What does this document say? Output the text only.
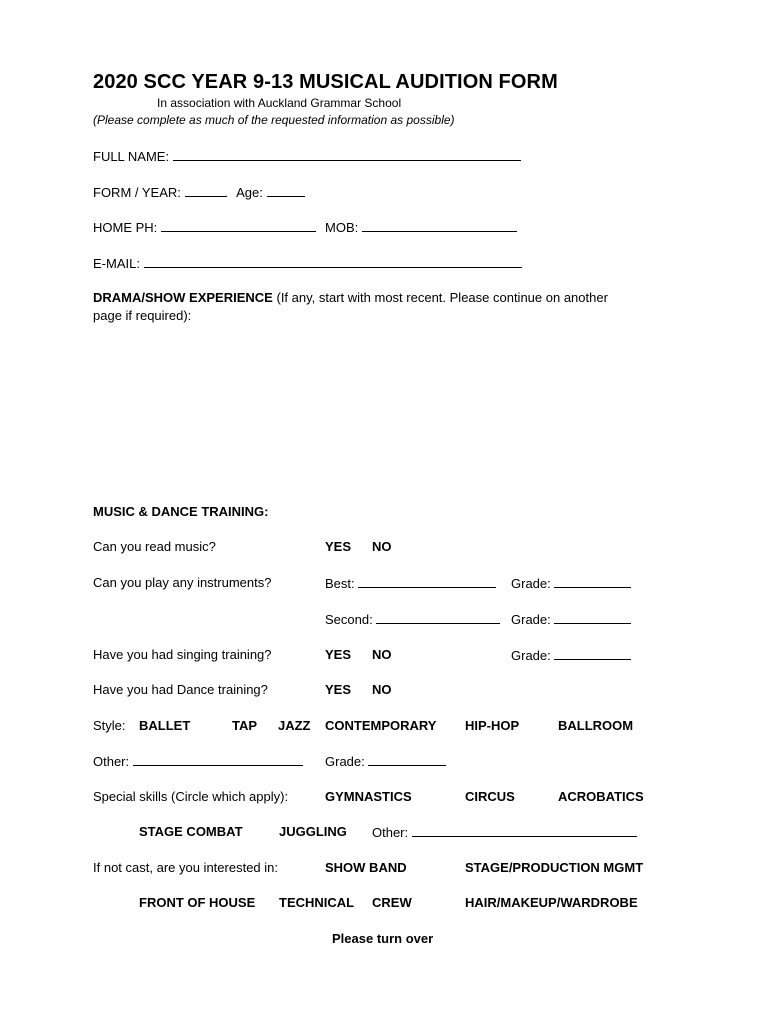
2020 SCC YEAR 9-13 MUSICAL AUDITION FORM
In association with Auckland Grammar School
(Please complete as much of the requested information as possible)
FULL NAME:
FORM / YEAR:	Age:
HOME PH:	MOB:
E-MAIL:
DRAMA/SHOW EXPERIENCE (If any, start with most recent. Please continue on another
page if required):
MUSIC & DANCE TRAINING:
Can you read music?	YES NO
Can you play any instruments?	Best:	Grade:
Second:	Grade:
Have you had singing training?	YES NO	Grade:
Have you had Dance training?	YES NO
Style: BALLET	TAP JAZZ CONTEMPORARY HIP-HOP	BALLROOM
Other:	Grade:
Special skills (Circle which apply):	GYMNASTICS	CIRCUS	ACROBATICS
STAGE COMBAT	JUGGLING Other:
If not cast, are you interested in:	SHOW BAND	STAGE/PRODUCTION MGMT
FRONT OF HOUSE TECHNICAL CREW	HAIR/MAKEUP/WARDROBE
Please turn over
